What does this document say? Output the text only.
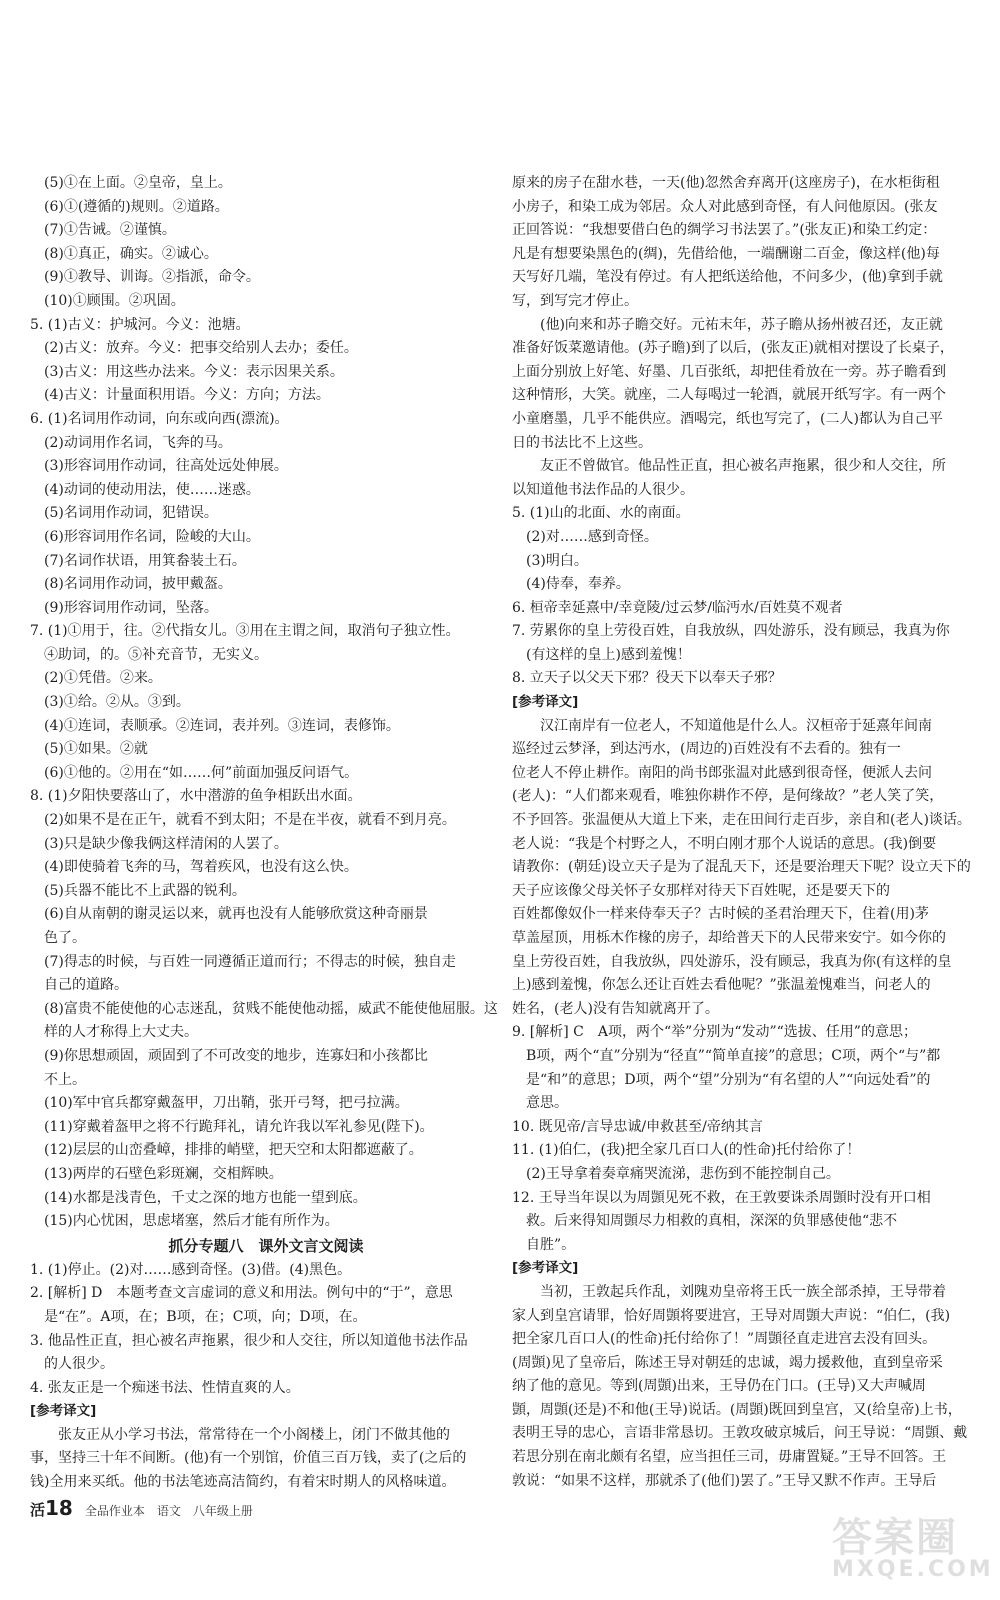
(5)①在上面。②皇帝，皇上。
(6)①(遵循的)规则。②道路。
(7)①告诫。②谨慎。
(8)①真正，确实。②诚心。
(9)①教导、训诲。②指派，命令。
(10)①顾围。②巩固。
5. (1)古义：护城河。今义：池塘。
(2)古义：放弃。今义：把事交给别人去办；委任。
(3)古义：用这些办法来。今义：表示因果关系。
(4)古义：计量面积用语。今义：方向；方法。
6. (1)名词用作动词，向东或向西(漂流)。
(2)动词用作名词，飞奔的马。
(3)形容词用作动词，往高处远处伸展。
(4)动词的使动用法，使……迷惑。
(5)名词用作动词，犯错误。
(6)形容词用作名词，险峻的大山。
(7)名词作状语，用箕畚装土石。
(8)名词用作动词，披甲戴盔。
(9)形容词用作动词，坠落。
7. (1)①用于，往。②代指女儿。③用在主谓之间，取消句子独立性。
④助词，的。⑤补充音节，无实义。
(2)①凭借。②来。
(3)①给。②从。③到。
(4)①连词，表顺承。②连词，表并列。③连词，表修饰。
(5)①如果。②就
(6)①他的。②用在“如……何”前面加强反问语气。
8. (1)夕阳快要落山了，水中潜游的鱼争相跃出水面。
(2)如果不是在正午，就看不到太阳；不是在半夜，就看不到月亮。
(3)只是缺少像我俩这样清闲的人罢了。
(4)即使骑着飞奔的马，驾着疾风，也没有这么快。
(5)兵器不能比不上武器的锐利。
(6)自从南朝的谢灵运以来，就再也没有人能够欣赏这种奇丽景
色了。
(7)得志的时候，与百姓一同遵循正道而行；不得志的时候，独自走
自己的道路。
(8)富贵不能使他的心志迷乱，贫贱不能使他动摇，威武不能使他屈服。这
样的人才称得上大丈夫。
(9)你思想顽固，顽固到了不可改变的地步，连寡妇和小孩都比
不上。
(10)军中官兵都穿戴盔甲，刀出鞘，张开弓弩，把弓拉满。
(11)穿戴着盔甲之将不行跪拜礼，请允许我以军礼参见(陛下)。
(12)层层的山峦叠嶂，排排的峭壁，把天空和太阳都遮蔽了。
(13)两岸的石壁色彩斑斓，交相辉映。
(14)水都是浅青色，千丈之深的地方也能一望到底。
(15)内心忧困，思虑堵塞，然后才能有所作为。
抓分专题八　课外文言文阅读
1. (1)停止。(2)对……感到奇怪。(3)借。(4)黑色。
2. [解析] D　本题考查文言虚词的意义和用法。例句中的“于”，意思
是“在”。A项，在；B项，在；C项，向；D项，在。
3. 他品性正直，担心被名声拖累，很少和人交往，所以知道他书法作品
的人很少。
4. 张友正是一个痴迷书法、性情直爽的人。
[参考译文]
　　张友正从小学习书法，常常待在一个小阁楼上，闭门不做其他的
事，坚持三十年不间断。(他)有一个别馆，价值三百万钱，卖了(之后的
钱)全用来买纸。他的书法笔迹高洁简约，有着宋时期人的风格味道。
原来的房子在甜水巷，一天(他)忽然舍弃离开(这座房子)，在水柜街租
小房子，和染工成为邻居。众人对此感到奇怪，有人问他原因。(张友
正回答说：“我想要借白色的绸学习书法罢了。”(张友正)和染工约定：
凡是有想要染黑色的(绸)，先借给他，一端酬谢二百金，像这样(他)每
天写好几端，笔没有停过。有人把纸送给他，不问多少，(他)拿到手就
写，到写完才停止。
　　(他)向来和苏子瞻交好。元祐末年，苏子瞻从扬州被召还，友正就
准备好饭菜邀请他。(苏子瞻)到了以后，(张友正)就相对摆设了长桌子，
上面分别放上好笔、好墨、几百张纸，却把佳肴放在一旁。苏子瞻看到
这种情形，大笑。就座，二人每喝过一轮酒，就展开纸写字。有一两个
小童磨墨，几乎不能供应。酒喝完，纸也写完了，(二人)都认为自己平
日的书法比不上这些。
　　友正不曾做官。他品性正直，担心被名声拖累，很少和人交往，所
以知道他书法作品的人很少。
5. (1)山的北面、水的南面。
(2)对……感到奇怪。
(3)明白。
(4)侍奉，奉养。
6. 桓帝幸延熹中/幸竟陵/过云梦/临沔水/百姓莫不观者
7. 劳累你的皇上劳役百姓，自我放纵，四处游乐，没有顾忌，我真为你
(有这样的皇上)感到羞愧！
8. 立天子以父天下邪？役天下以奉天子邪？
[参考译文]
　　汉江南岸有一位老人，不知道他是什么人。汉桓帝于延熹年间南
巡经过云梦泽，到达沔水，(周边的)百姓没有不去看的。独有一
位老人不停止耕作。南阳的尚书郎张温对此感到很奇怪，便派人去问
(老人)：“人们都来观看，唯独你耕作不停，是何缘故？”老人笑了笑，
不予回答。张温便从大道上下来，走在田间行走百步，亲自和(老人)谈话。
老人说：“我是个村野之人，不明白刚才那个人说话的意思。(我)倒要
请教你：(朝廷)设立天子是为了混乱天下，还是要治理天下呢？设立天下的
天子应该像父母关怀子女那样对待天下百姓呢，还是要天下的
百姓都像奴仆一样来侍奉天子？古时候的圣君治理天下，住着(用)茅
草盖屋顶，用栎木作椽的房子，却给普天下的人民带来安宁。如今你的
皇上劳役百姓，自我放纵，四处游乐，没有顾忌，我真为你(有这样的皇
上)感到羞愧，你怎么还让百姓去看他呢？”张温羞愧难当，问老人的
姓名，(老人)没有告知就离开了。
9. [解析] C　A项，两个“举”分别为“发动”“选拔、任用”的意思；
B项，两个“直”分别为“径直”“简单直接”的意思；C项，两个“与”都
是“和”的意思；D项，两个“望”分别为“有名望的人”“向远处看”的
意思。
10. 既见帝/言导忠诚/申救甚至/帝纳其言
11. (1)伯仁，(我)把全家几百口人(的性命)托付给你了！
(2)王导拿着奏章痛哭流涕，悲伤到不能控制自己。
12. 王导当年误以为周顗见死不救，在王敦要诛杀周顗时没有开口相
救。后来得知周顗尽力相救的真相，深深的负罪感使他“悲不
自胜”。
[参考译文]
　　当初，王敦起兵作乱，刘隗劝皇帝将王氏一族全部杀掉，王导带着
家人到皇宫请罪，恰好周顗将要进宫，王导对周顗大声说：“伯仁，(我)
把全家几百口人(的性命)托付给你了！”周顗径直走进宫去没有回头。
(周顗)见了皇帝后，陈述王导对朝廷的忠诚，竭力援救他，直到皇帝采
纳了他的意见。等到(周顗)出来，王导仍在门口。(王导)又大声喊周
顗，周顗(还是)不和他(王导)说话。(周顗)既回到皇宫，又(给皇帝)上书，
表明王导的忠心，言语非常恳切。王敦攻破京城后，问王导说：“周顗、戴
若思分别在南北颇有名望，应当担任三司，毋庸置疑。”王导不回答。王
敦说：“如果不这样，那就杀了(他们)罢了。”王导又默不作声。王导后
活18 全品作业本 语文 八年级上册
答案圈
MXQE.COM
